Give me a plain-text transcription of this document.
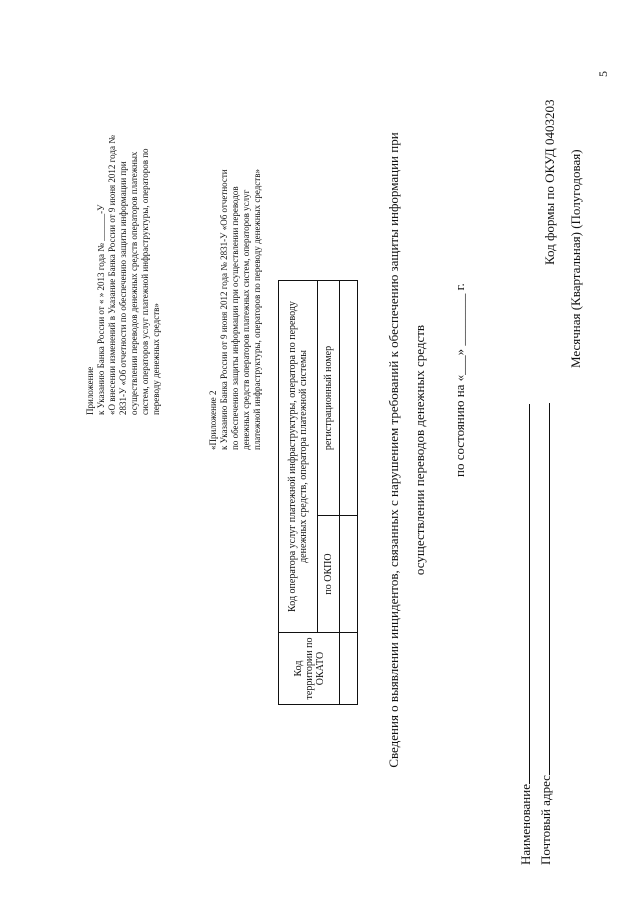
Приложение к Указанию Банка России от « » 2013 года № ______-У «О внесении изменений в Указание Банка России от 9 июня 2012 года № 2831-У «Об отчетности по обеспечению защиты информации при осуществлении переводов денежных средств операторов платежных систем, операторов услуг платежной инфраструктуры, операторов по переводу денежных средств»
«Приложение 2 к Указанию Банка России от 9 июня 2012 года № 2831-У «Об отчетности по обеспечению защиты информации при осуществлении переводов денежных средств операторов платежных систем, операторов услуг платежной инфраструктуры, операторов по переводу денежных средств»
Код территории по ОКАТО	Код оператора услуг платежной инфраструктуры, оператора по переводу денежных средств, оператора платежной системы	
	по ОКПО	регистрационный номер
			Сведения о выявлении инцидентов, связанных с нарушением требований к обеспечению защиты информации при осуществлении переводов денежных средств по состоянию на «___» ________ г.
Наименование Почтовый адрес
Код формы по ОКУД 0403203 Месячная (Квартальная) (Полугодовая)
5
